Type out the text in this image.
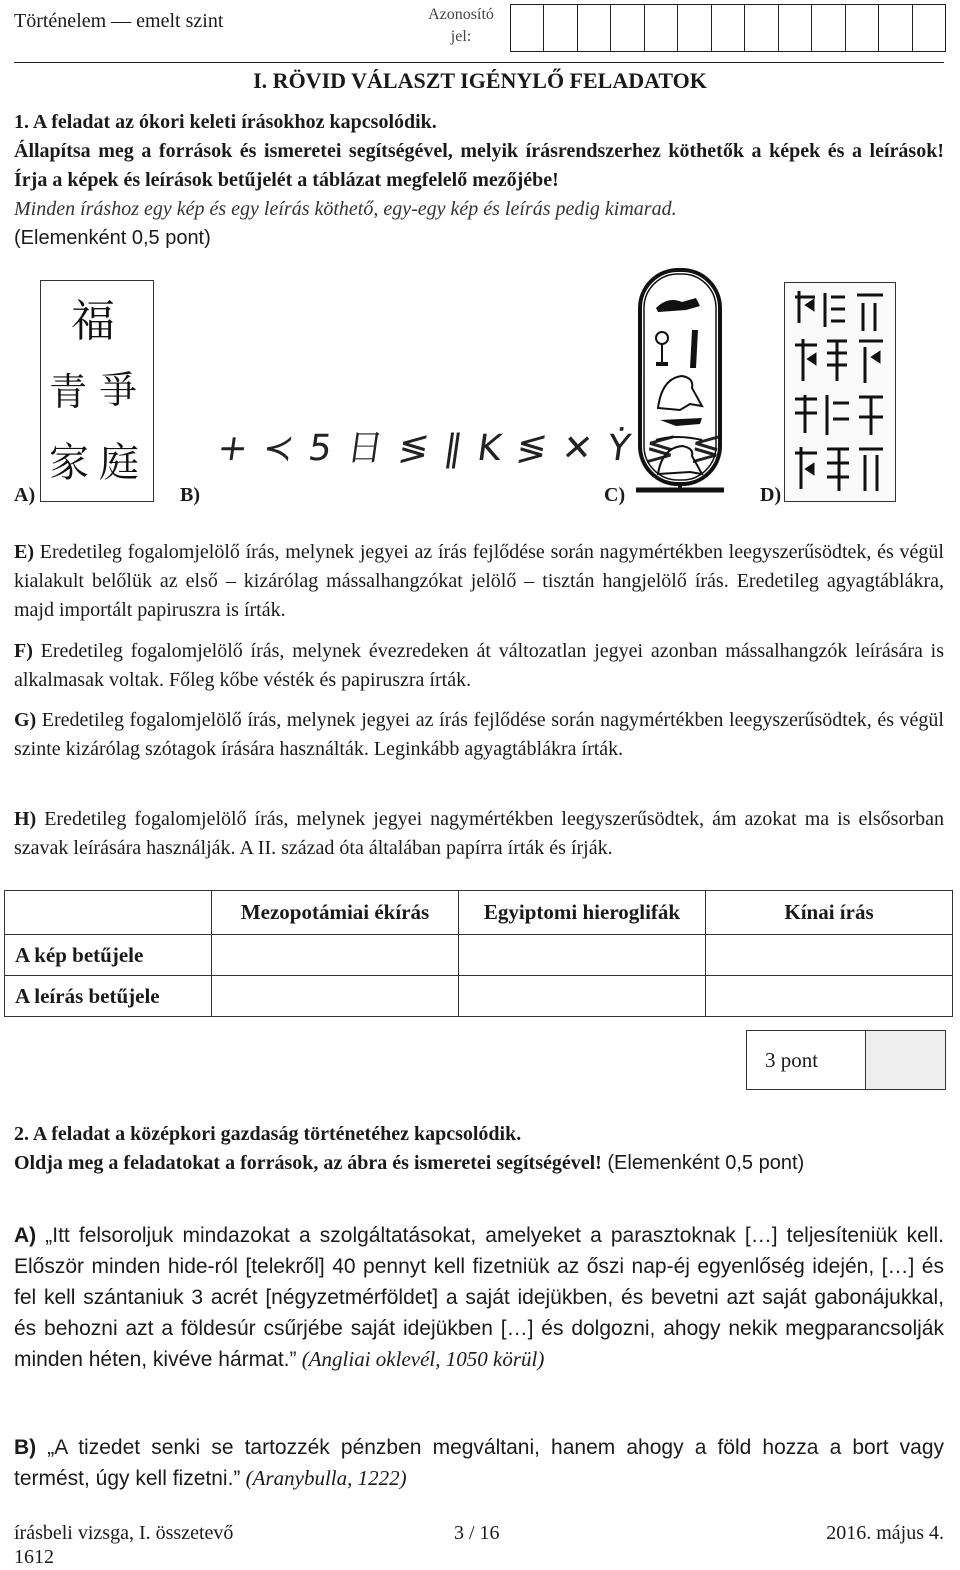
Történelem — emelt szint	Azonosító jel:
I. RÖVID VÁLASZT IGÉNYLŐ FELADATOK
1. A feladat az ókori keleti írásokhoz kapcsolódik.
Állapítsa meg a források és ismeretei segítségével, melyik írásrendszerhez köthetők a képek és a leírások! Írja a képek és leírások betűjelét a táblázat megfelelő mezőjébe!
Minden íráshoz egy kép és egy leírás köthető, egy-egy kép és leírás pedig kimarad.
(Elemenként 0,5 pont)
A)
福
青 爭
家 庭
B)
+ ≺ 5 日 ≶ ‖ K ≶ ✕ Ẏ ≶ ≶
C)	D)
E) Eredetileg fogalomjelölő írás, melynek jegyei az írás fejlődése során nagymértékben leegyszerűsödtek, és végül kialakult belőlük az első – kizárólag mássalhangzókat jelölő – tisztán hangjelölő írás. Eredetileg agyagtáblákra, majd importált papiruszra is írták.
F) Eredetileg fogalomjelölő írás, melynek évezredeken át változatlan jegyei azonban mássalhangzók leírására is alkalmasak voltak. Főleg kőbe vésték és papiruszra írták.
G) Eredetileg fogalomjelölő írás, melynek jegyei az írás fejlődése során nagymértékben leegyszerűsödtek, és végül szinte kizárólag szótagok írására használták. Leginkább agyagtáblákra írták.
H) Eredetileg fogalomjelölő írás, melynek jegyei nagymértékben leegyszerűsödtek, ám azokat ma is elsősorban szavak leírására használják. A II. század óta általában papírra írták és írják.
	Mezopotámiai ékírás	Egyiptomi hieroglifák	Kínai írás
A kép betűjele			
A leírás betűjele			
3 pont
2. A feladat a középkori gazdaság történetéhez kapcsolódik.
Oldja meg a feladatokat a források, az ábra és ismeretei segítségével! (Elemenként 0,5 pont)
A) „Itt felsoroljuk mindazokat a szolgáltatásokat, amelyeket a parasztoknak […] teljesíteniük kell. Először minden hide-ról [telekről] 40 pennyt kell fizetniük az őszi nap-éj egyenlőség idején, […] és fel kell szántaniuk 3 acrét [négyzetmérföldet] a saját idejükben, és bevetni azt saját gabonájukkal, és behozni azt a földesúr csűrjébe saját idejükben […] és dolgozni, ahogy nekik megparancsolják minden héten, kivéve hármat.” (Angliai oklevél, 1050 körül)
B) „A tizedet senki se tartozzék pénzben megváltani, hanem ahogy a föld hozza a bort vagy termést, úgy kell fizetni.” (Aranybulla, 1222)
írásbeli vizsga, I. összetevő	3 / 16	2016. május 4.
1612
